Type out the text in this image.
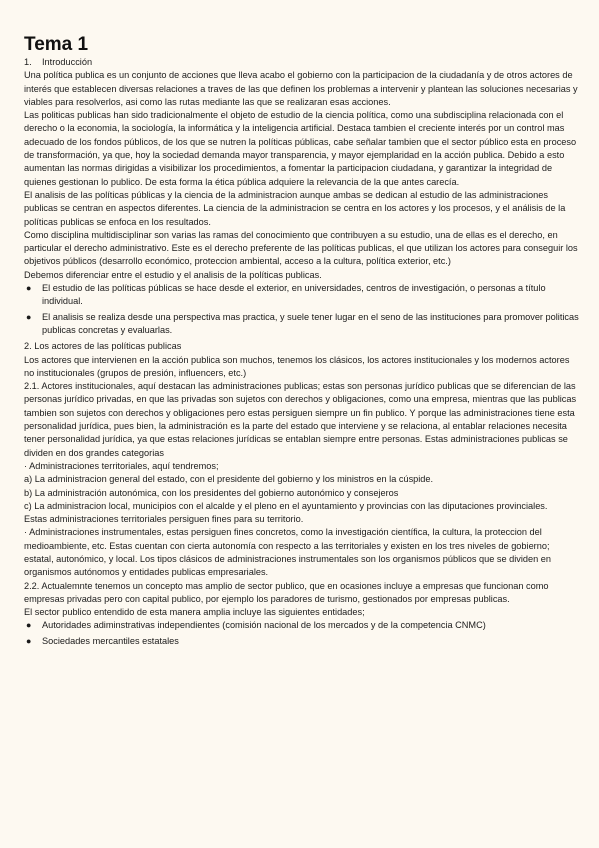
Tema 1

1. Introducción

Una política publica es un conjunto de acciones que lleva acabo el gobierno con la participacion de la ciudadanía y de otros actores de interés que establecen diversas relaciones a traves de las que definen los problemas a intervenir y plantean las soluciones necesarias y viables para resolverlos, asi como las rutas mediante las que se realizaran esas acciones.

Las politicas publicas han sido tradicionalmente el objeto de estudio de la ciencia política, como una subdisciplina relacionada con el derecho o la economia, la sociología, la informática y la inteligencia artificial. Destaca tambien el creciente interés por un control mas adecuado de los fondos públicos, de los que se nutren la políticas públicas, cabe señalar tambien que el sector público esta en proceso de transformación, ya que, hoy la sociedad demanda mayor transparencia, y mayor ejemplaridad en la acción publica. Debido a esto aumentan las normas dirigidas a visibilizar los procedimientos, a fomentar la participacion ciudadana, y garantizar la integridad de quienes gestionan lo publico. De esta forma la ética pública adquiere la relevancia de la que antes carecía.

El analisis de las políticas públicas y la ciencia de la administracion aunque ambas se dedican al estudio de las administraciones publicas se centran en aspectos diferentes. La ciencia de la administracion se centra en los actores y los procesos, y el análisis de la políticas publicas se enfoca en los resultados.

Como disciplina multidisciplinar son varias las ramas del conocimiento que contribuyen a su estudio, una de ellas es el derecho, en particular el derecho administrativo. Este es el derecho preferente de las políticas publicas, el que utilizan los actores para conseguir los objetivos públicos (desarrollo económico, proteccion ambiental, acceso a la cultura, política exterior, etc.)

Debemos diferenciar entre el estudio y el analisis de la políticas publicas.

● El estudio de las políticas públicas se hace desde el exterior, en universidades, centros de investigación, o personas a título individual.
● El analisis se realiza desde una perspectiva mas practica, y suele tener lugar en el seno de las instituciones para promover politicas publicas concretas y evaluarlas.

2. Los actores de las políticas publicas

Los actores que intervienen en la acción publica son muchos, tenemos los clásicos, los actores institucionales y los modernos actores no institucionales (grupos de presión, influencers, etc.)

2.1. Actores institucionales, aquí destacan las administraciones publicas; estas son personas jurídico publicas que se diferencian de las personas jurídico privadas, en que las privadas son sujetos con derechos y obligaciones, como una empresa, mientras que las publicas tambien son sujetos con derechos y obligaciones pero estas persiguen siempre un fin publico. Y porque las administraciones tiene esta personalidad jurídica, pues bien, la administración es la parte del estado que interviene y se relaciona, al entablar relaciones necesita tener personalidad jurídica, ya que estas relaciones jurídicas se entablan siempre entre personas. Estas administraciones publicas se dividen en dos grandes categorias

· Administraciones territoriales, aquí tendremos;

a) La administracion general del estado, con el presidente del gobierno y los ministros en la cúspide.

b) La administración autonómica, con los presidentes del gobierno autonómico y consejeros

c) La administracion local, municipios con el alcalde y el pleno en el ayuntamiento y provincias con las diputaciones provinciales.

Estas administraciones territoriales persiguen fines para su territorio.

· Administraciones instrumentales, estas persiguen fines concretos, como la investigación científica, la cultura, la proteccion del medioambiente, etc. Estas cuentan con cierta autonomía con respecto a las territoriales y existen en los tres niveles de gobierno; estatal, autonómico, y local. Los tipos clásicos de administraciones instrumentales son los organismos públicos que se dividen en organismos autónomos y entidades publicas empresariales.

2.2. Actualemnte tenemos un concepto mas amplio de sector publico, que en ocasiones incluye a empresas que funcionan como empresas privadas pero con capital publico, por ejemplo los paradores de turismo, gestionados por empresas publicas.

El sector publico entendido de esta manera amplia incluye las siguientes entidades;

● Autoridades adiminstrativas independientes (comisión nacional de los mercados y de la competencia CNMC)
● Sociedades mercantiles estatales
